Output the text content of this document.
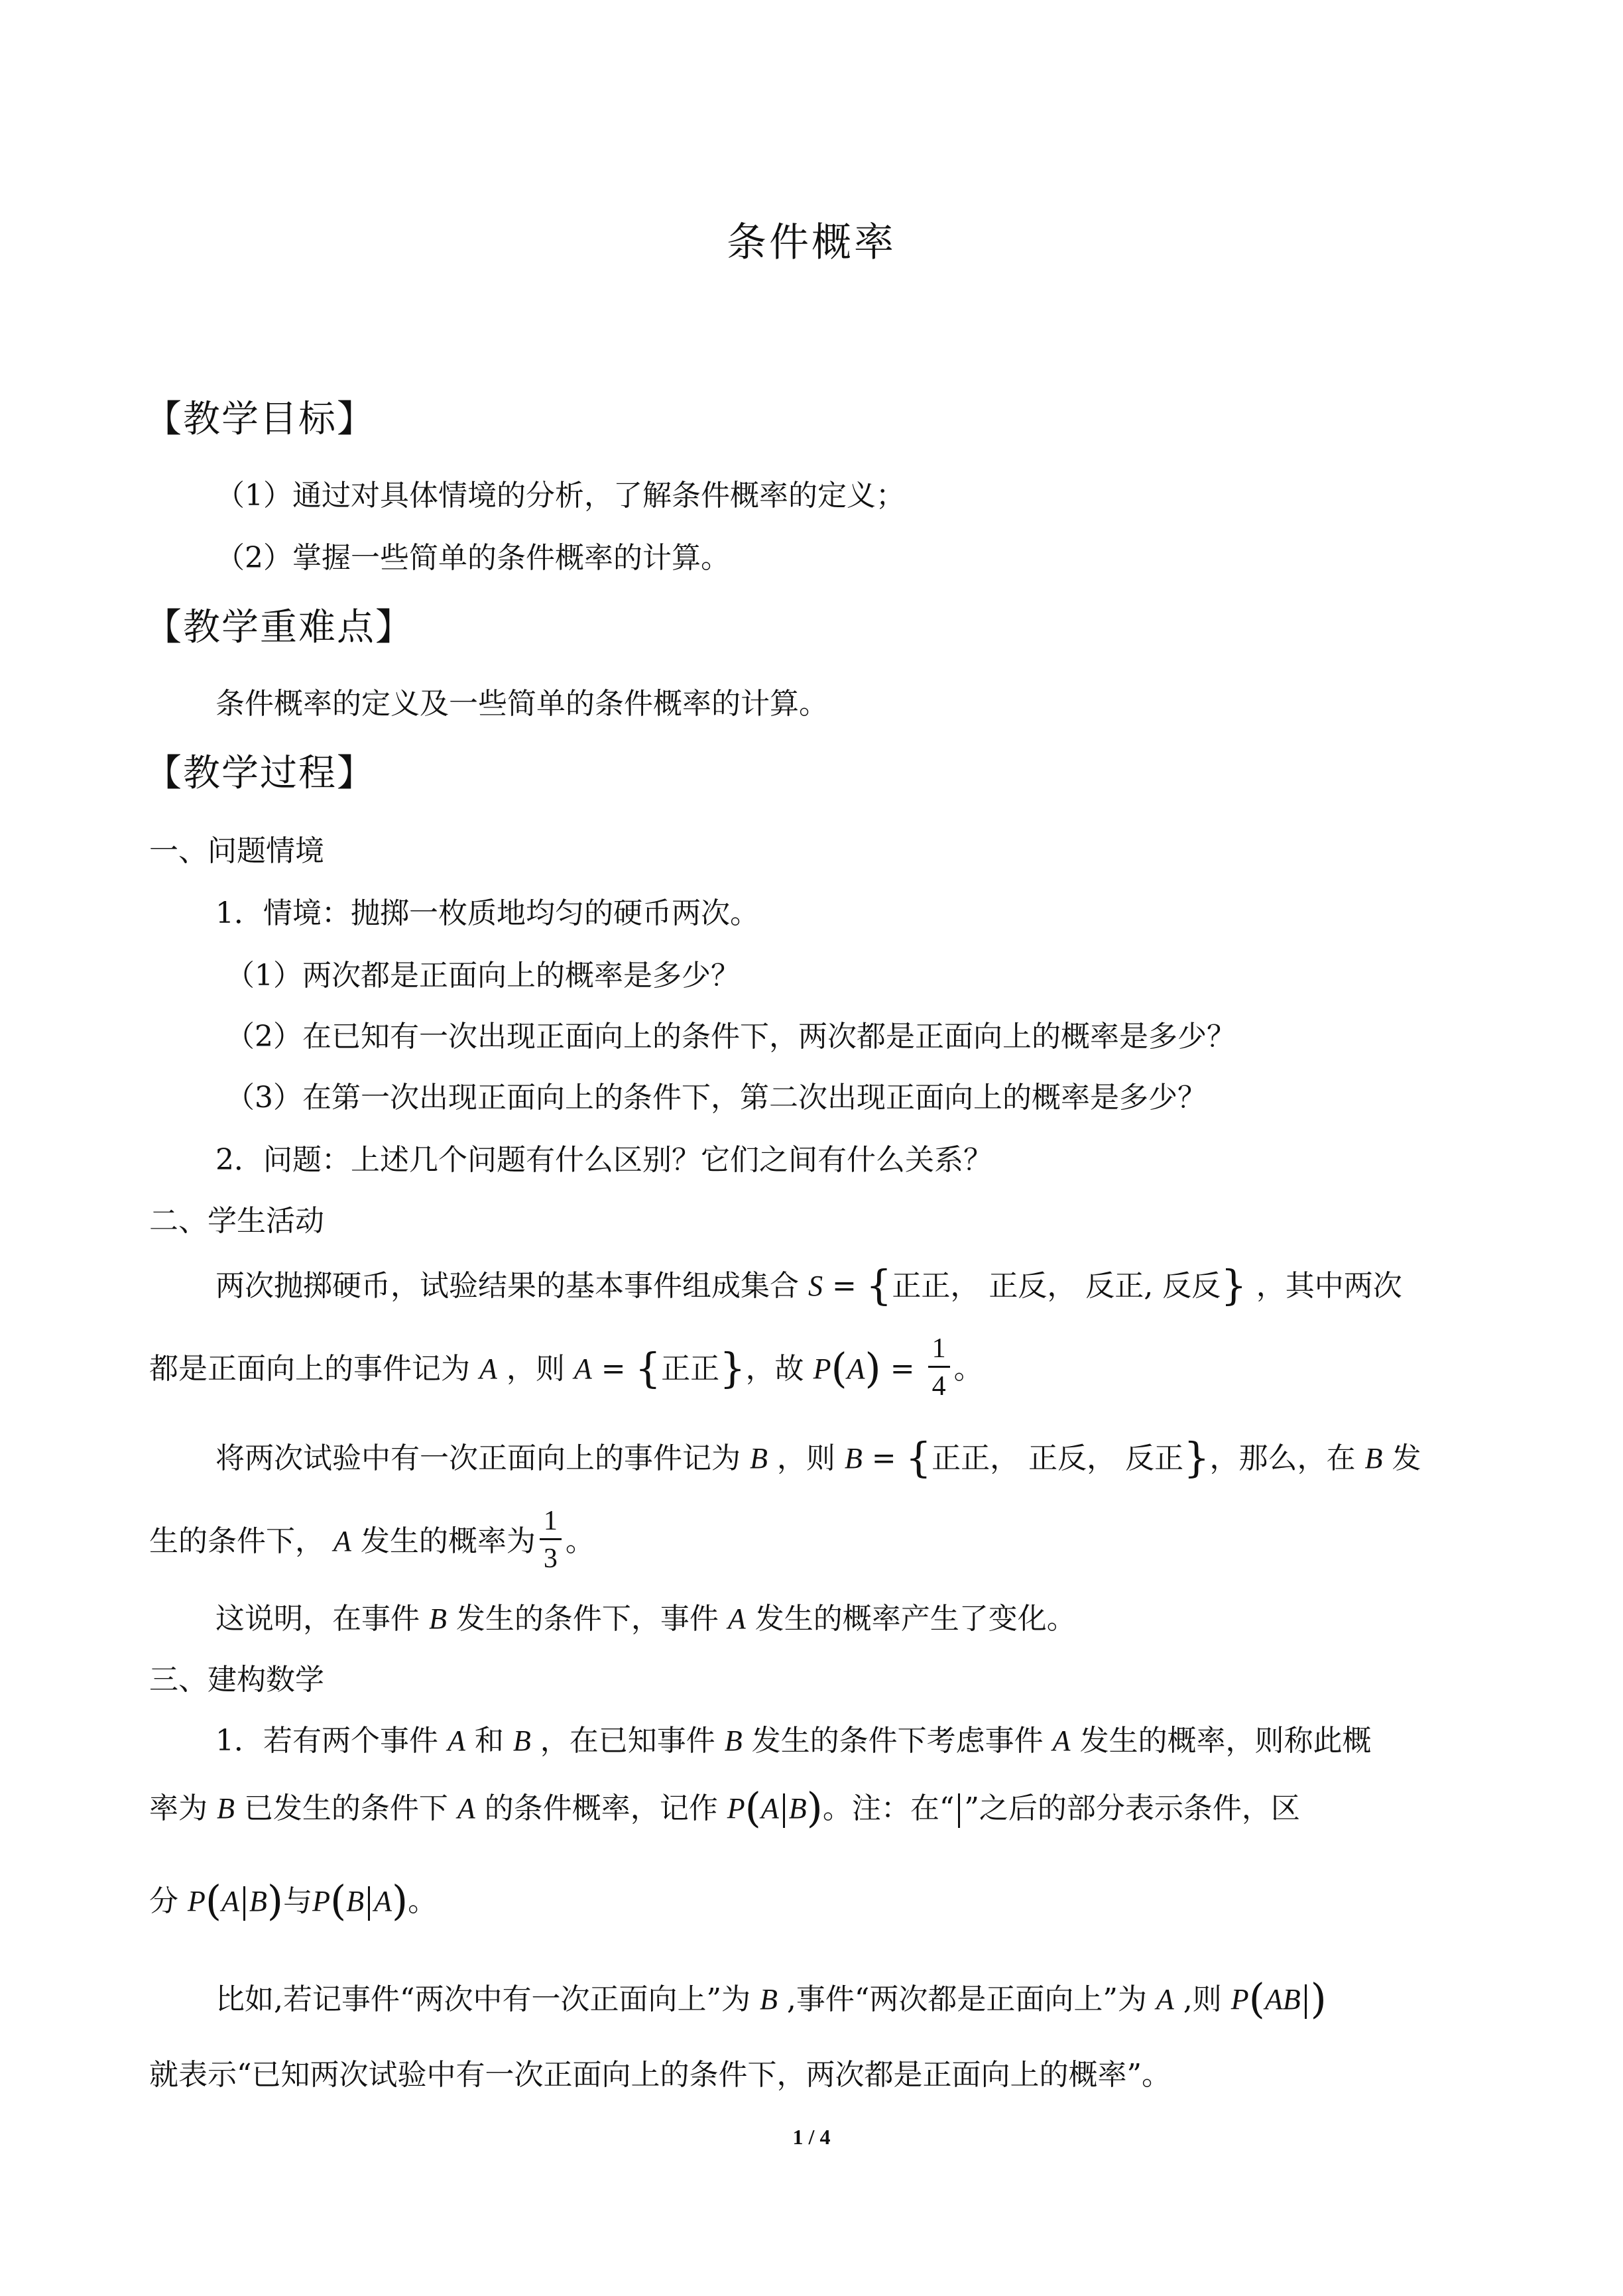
条件概率
【教学目标】
（1）通过对具体情境的分析，了解条件概率的定义；
（2）掌握一些简单的条件概率的计算。
【教学重难点】
条件概率的定义及一些简单的条件概率的计算。
【教学过程】
一、问题情境
1．情境：抛掷一枚质地均匀的硬币两次。
（1）两次都是正面向上的概率是多少？
（2）在已知有一次出现正面向上的条件下，两次都是正面向上的概率是多少？
（3）在第一次出现正面向上的条件下，第二次出现正面向上的概率是多少？
2．问题：上述几个问题有什么区别？它们之间有什么关系？
二、学生活动
两次抛掷硬币，试验结果的基本事件组成集合 S = {正正， 正反， 反正, 反反} ，其中两次
都是正面向上的事件记为 A ，则 A = {正正}，故 $P(A) = \frac{1}{4}$ 。
将两次试验中有一次正面向上的事件记为 B ，则 B = {正正， 正反， 反正}，那么，在 B 发
生的条件下， A 发生的概率为 $\frac{1}{3}$ 。
这说明，在事件 B 发生的条件下，事件 A 发生的概率产生了变化。
三、建构数学
1．若有两个事件 A 和 B ，在已知事件 B 发生的条件下考虑事件 A 发生的概率，则称此概
率为 B 已发生的条件下 A 的条件概率，记作 P(A B)。注：在“ ”之后的部分表示条件，区
分 P(A B)与P(B A)。
比如,若记事件“两次中有一次正面向上”为 B ,事件“两次都是正面向上”为 A ,则 P(AB )
就表示“已知两次试验中有一次正面向上的条件下，两次都是正面向上的概率”。
1 / 4
